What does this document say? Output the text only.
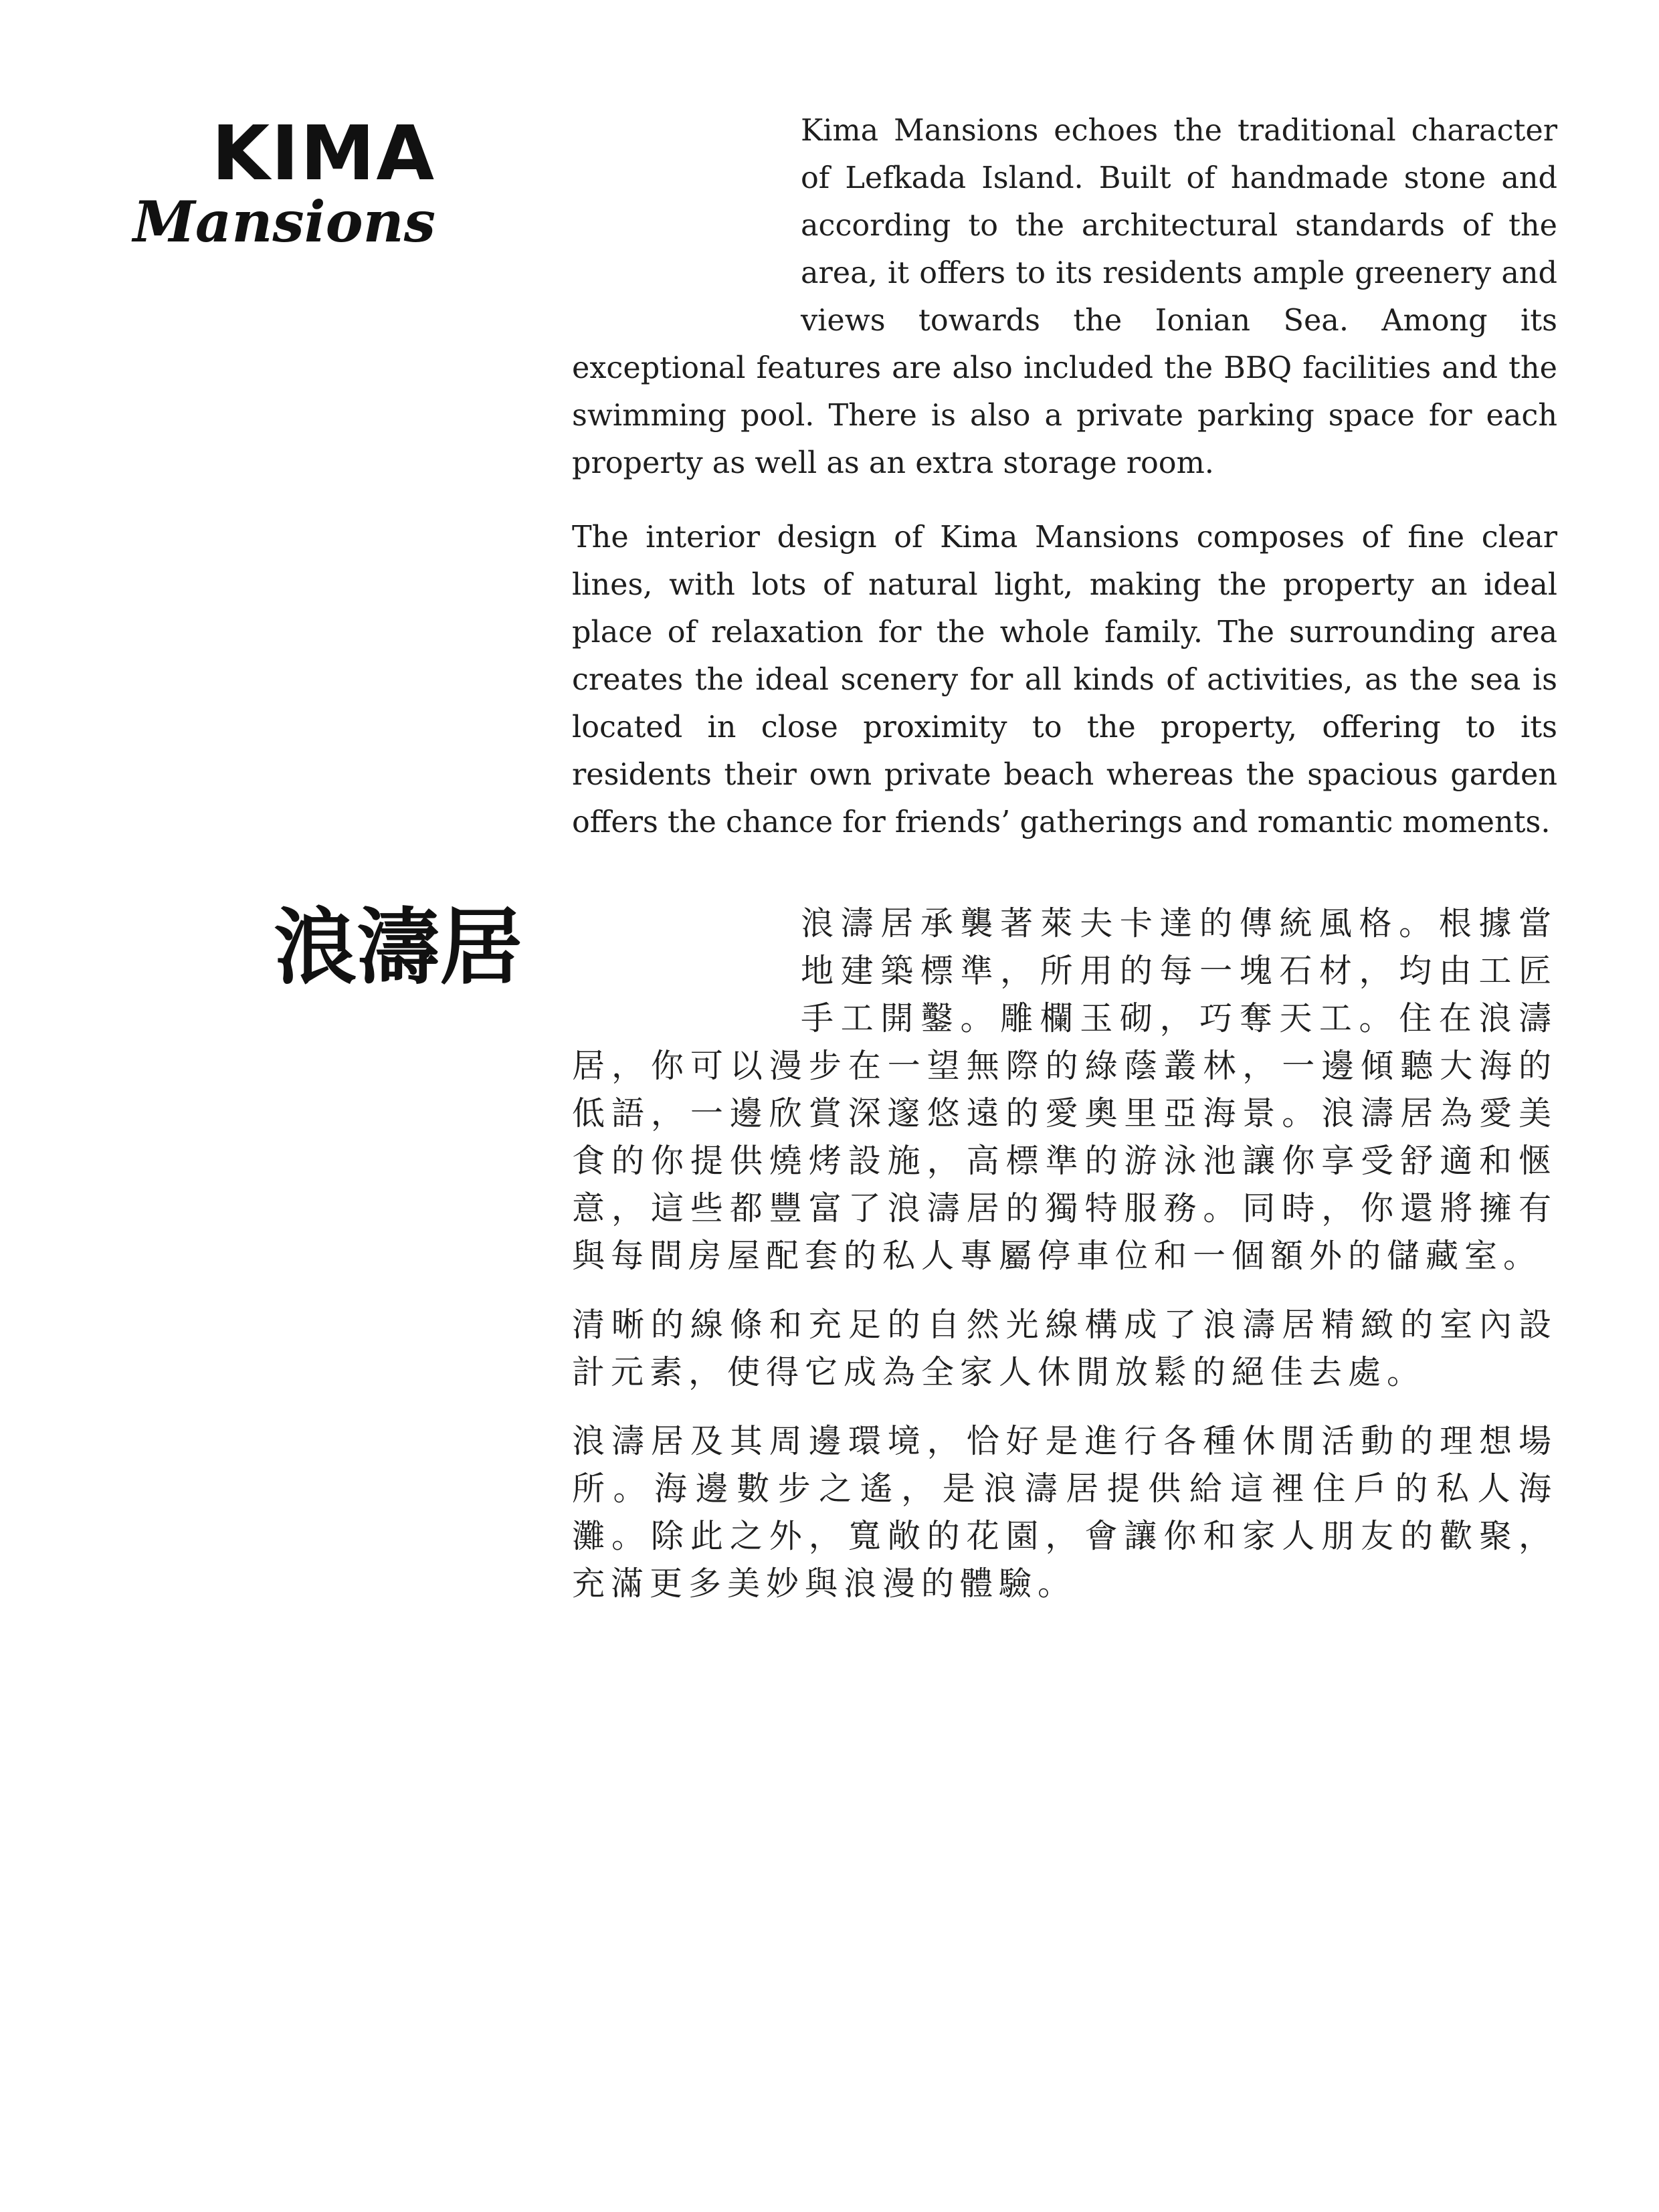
KIMA
Mansions

Kima Mansions echoes the traditional character of Lefkada Island. Built of handmade stone and according to the architectural standards of the area, it offers to its residents ample greenery and views towards the Ionian Sea. Among its exceptional features are also included the BBQ facilities and the swimming pool. There is also a private parking space for each property as well as an extra storage room.

The interior design of Kima Mansions composes of fine clear lines, with lots of natural light, making the property an ideal place of relaxation for the whole family. The surrounding area creates the ideal scenery for all kinds of activities, as the sea is located in close proximity to the property, offering to its residents their own private beach whereas the spacious garden offers the chance for friends’ gatherings and romantic moments.

浪濤居	浪濤居承襲著萊夫卡達的傳統風格。根據當地建築標準，所用的每一塊石材，均由工匠手工開鑿。雕欄玉砌，巧奪天工。住在浪濤居，你可以漫步在一望無際的綠蔭叢林，一邊傾聽大海的低語，一邊欣賞深邃悠遠的愛奧里亞海景。浪濤居為愛美食的你提供燒烤設施，高標準的游泳池讓你享受舒適和愜意，這些都豐富了浪濤居的獨特服務。同時，你還將擁有與每間房屋配套的私人專屬停車位和一個額外的儲藏室。

清晰的線條和充足的自然光線構成了浪濤居精緻的室內設計元素，使得它成為全家人休閒放鬆的絕佳去處。

浪濤居及其周邊環境，恰好是進行各種休閒活動的理想場所。海邊數步之遙，是浪濤居提供給這裡住戶的私人海灘。除此之外，寬敞的花園，會讓你和家人朋友的歡聚，充滿更多美妙與浪漫的體驗。
